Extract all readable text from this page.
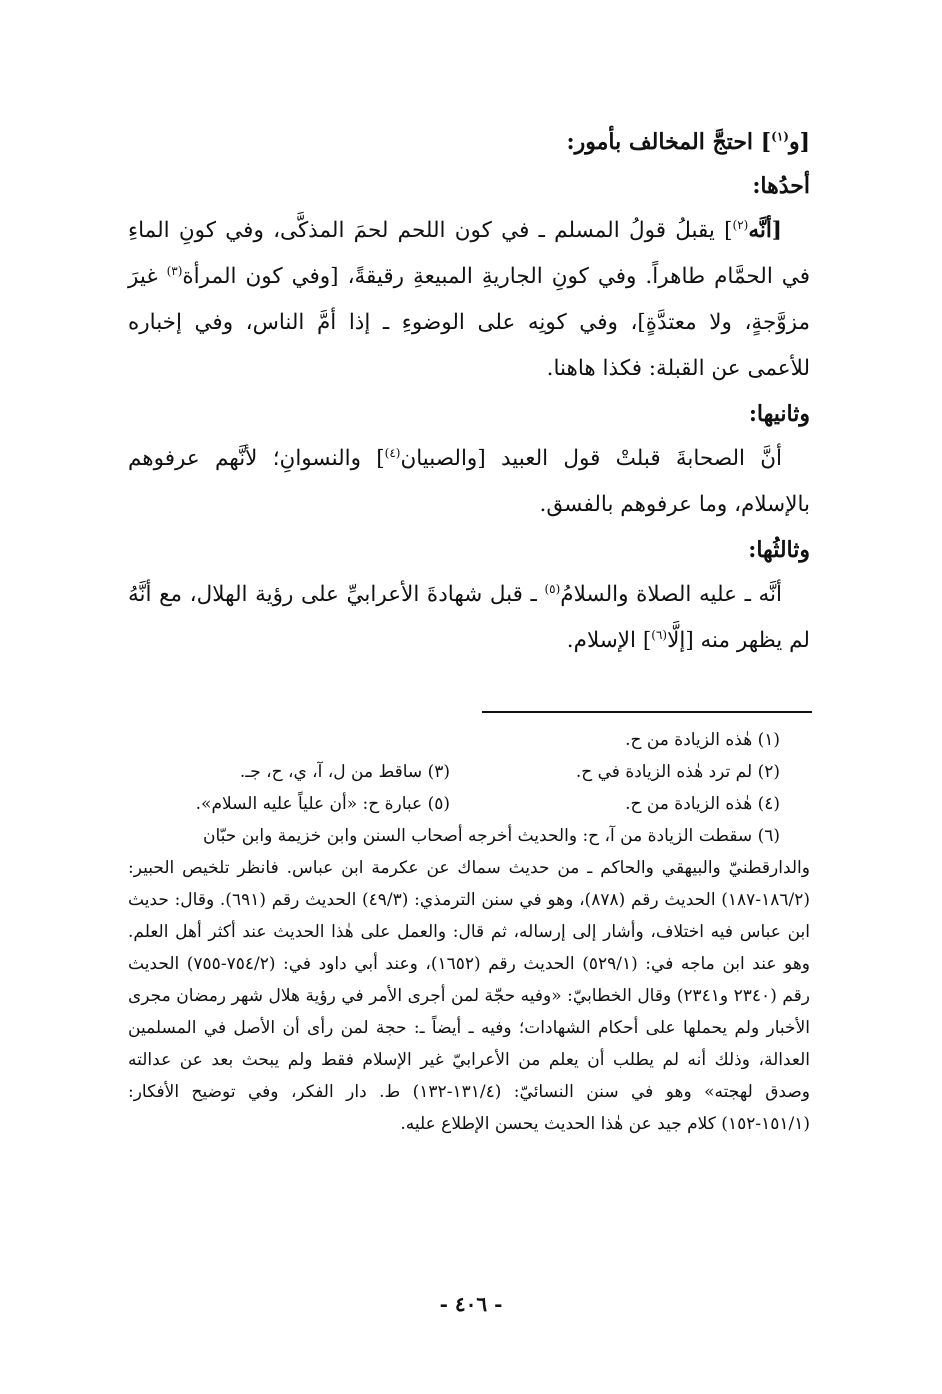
[و$^{(١)}$] احتجَّ المخالف بأمور:

أحدُها:

[أنَّه$^{(٢)}$] يقبلُ قولُ المسلم ـ في كون اللحم لحمَ المذكَّى، وفي كونِ الماءِ في الحمَّام طاهراً. وفي كونِ الجاريةِ المبيعةِ رقيقةً، [وفي كون المرأة$^{(٣)}$ غيرَ مزوَّجةٍ، ولا معتدَّةٍ]، وفي كونِه على الوضوءِ ـ إذا أمَّ الناس، وفي إخباره للأعمى عن القبلة: فكذا هاهنا.

وثانيها:

أنَّ الصحابةَ قبلتْ قول العبيد [والصبيان$^{(٤)}$] والنسوانِ؛ لأنَّهم عرفوهم بالإسلام، وما عرفوهم بالفسق.

وثالثُها:

أنَّه ـ عليه الصلاة والسلامُ$^{(٥)}$ ـ قبل شهادةَ الأعرابيِّ على رؤية الهلال، مع أنَّهُ لم يظهر منه [إلَّا$^{(٦)}$] الإسلام.

(١) هٰذه الزيادة من ح.
(٢) لم ترد هٰذه الزيادة في ح.
(٣) ساقط من ل، آ، ي، ح، جـ.
(٤) هٰذه الزيادة من ح.
(٥) عبارة ح: «أن علياً عليه السلام».

(٦) سقطت الزيادة من آ، ح: والحديث أخرجه أصحاب السنن وابن خزيمة وابن حبّان

والدارقطنيّ والبيهقي والحاكم ـ من حديث سماك عن عكرمة ابن عباس. فانظر تلخيص الحبير: (١٨٦/٢-١٨٧) الحديث رقم (٨٧٨)، وهو في سنن الترمذي: (٤٩/٣) الحديث رقم (٦٩١). وقال: حديث ابن عباس فيه اختلاف، وأشار إلى إرساله، ثم قال: والعمل على هٰذا الحديث عند أكثر أهل العلم. وهو عند ابن ماجه في: (٥٢٩/١) الحديث رقم (١٦٥٢)، وعند أبي داود في: (٧٥٤/٢-٧٥٥) الحديث رقم (٢٣٤٠ و٢٣٤١) وقال الخطابيّ: «وفيه حجّة لمن أجرى الأمر في رؤية هلال شهر رمضان مجرى الأخبار ولم يحملها على أحكام الشهادات؛ وفيه ـ أيضاً ـ: حجة لمن رأى أن الأصل في المسلمين العدالة، وذلك أنه لم يطلب أن يعلم من الأعرابيّ غير الإسلام فقط ولم يبحث بعد عن عدالته وصدق لهجته» وهو في سنن النسائيّ: (١٣١/٤-١٣٢) ط. دار الفكر، وفي توضيح الأفكار: (١٥١/١-١٥٢) كلام جيد عن هٰذا الحديث يحسن الإطلاع عليه.

- ٤٠٦ -
